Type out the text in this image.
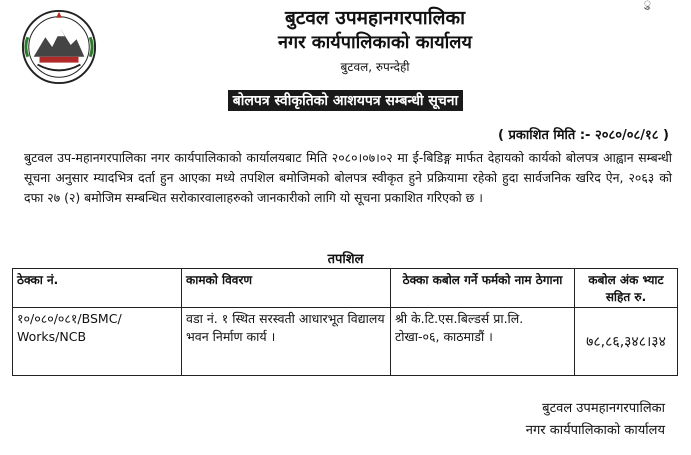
ु
बुटवल उपमहानगरपालिका
नगर कार्यपालिकाको कार्यालय
बुटवल, रुपन्देही
बोलपत्र स्वीकृतिको आशयपत्र सम्बन्धी सूचना
( प्रकाशित मिति :- २०८०/०८/१८ )
बुटवल उप-महानगरपालिका नगर कार्यपालिकाको कार्यालयबाट मिति २०८०।०७।०२ मा ई-बिडिङ्ग मार्फत देहायको कार्यको बोलपत्र आह्वान सम्बन्धी सूचना अनुसार म्यादभित्र दर्ता हुन आएका मध्ये तपशिल बमोजिमको बोलपत्र स्वीकृत हुने प्रक्रियामा रहेको हुदा सार्वजनिक खरिद ऐन, २०६३ को दफा २७ (२) बमोजिम सम्बन्धित सरोकारवालाहरुको जानकारीको लागि यो सूचना प्रकाशित गरिएको छ ।
तपशिल
ठेक्का नं.	कामको विवरण	ठेक्का कबोल गर्ने फर्मको नाम ठेगाना	कबोल अंक भ्याट सहित रु.
१०/०८०/०८१/BSMC/ Works/NCB	वडा नं. १ स्थित सरस्वती आधारभूत विद्यालय भवन निर्माण कार्य ।	श्री के.टि.एस.बिल्डर्स प्रा.लि. टोखा-०६, काठमाडौं ।	७८,८६,३४८।३४
बुटवल उपमहानगरपालिका
नगर कार्यपालिकाको कार्यालय
